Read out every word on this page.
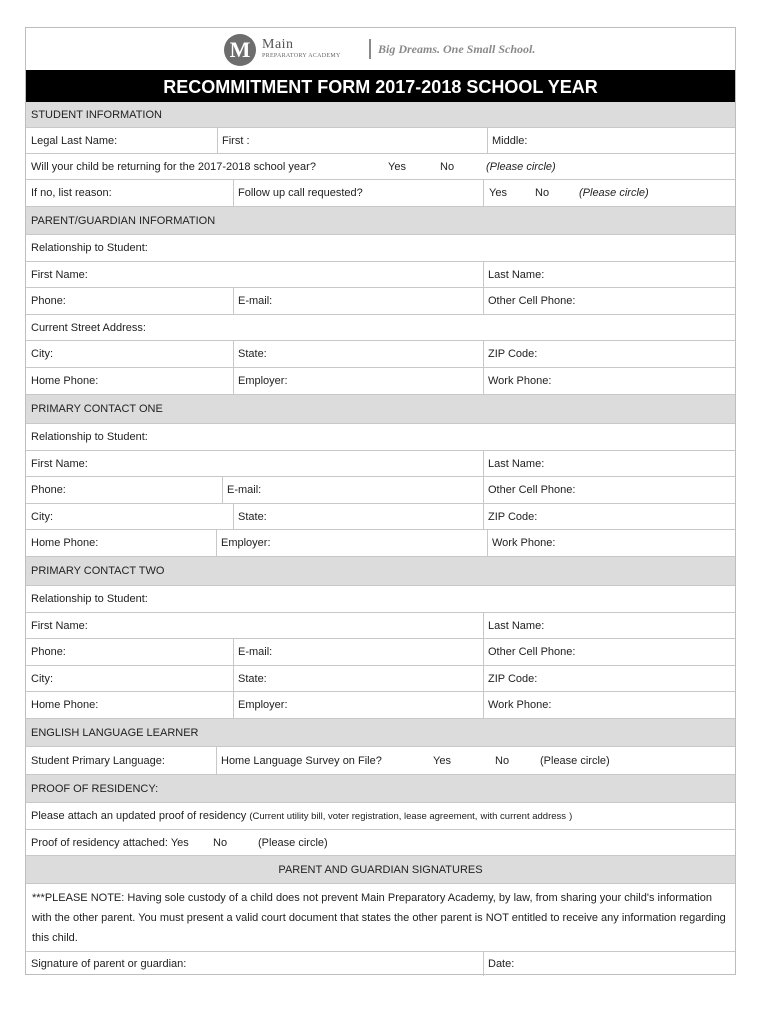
M Main
PREPARATORY ACADEMY	Big Dreams. One Small School.
RECOMMITMENT FORM 2017-2018 SCHOOL YEAR
STUDENT INFORMATION
Legal Last Name:	First :	Middle:
Will your child be returning for the 2017-2018 school year?	Yes	No	(Please circle)
If no, list reason:	Follow up call requested?	Yes	No	(Please circle)
PARENT/GUARDIAN INFORMATION
Relationship to Student:
First Name:	Last Name:
Phone:	E-mail:	Other Cell Phone:
Current Street Address:
City:	State:	ZIP Code:
Home Phone:	Employer:	Work Phone:
PRIMARY CONTACT ONE
Relationship to Student:
First Name:	Last Name:
Phone:	E-mail:	Other Cell Phone:
City:	State:	ZIP Code:
Home Phone:	Employer:	Work Phone:
PRIMARY CONTACT TWO
Relationship to Student:
First Name:	Last Name:
Phone:	E-mail:	Other Cell Phone:
City:	State:	ZIP Code:
Home Phone:	Employer:	Work Phone:
ENGLISH LANGUAGE LEARNER
Student Primary Language:	Home Language Survey on File?	Yes	No	(Please circle)
PROOF OF RESIDENCY:
Please attach an updated proof of residency
(Current utility bill, voter registration, lease agreement,
with current address
)
Proof of residency attached: Yes No	(Please circle)
PARENT AND GUARDIAN SIGNATURES
***PLEASE NOTE: Having sole custody of a child does not prevent Main Preparatory Academy, by law, from sharing your child's information with the other parent. You must present a valid court document that states the other parent is NOT entitled to receive any information regarding this child.
Signature of parent or guardian:	Date:
